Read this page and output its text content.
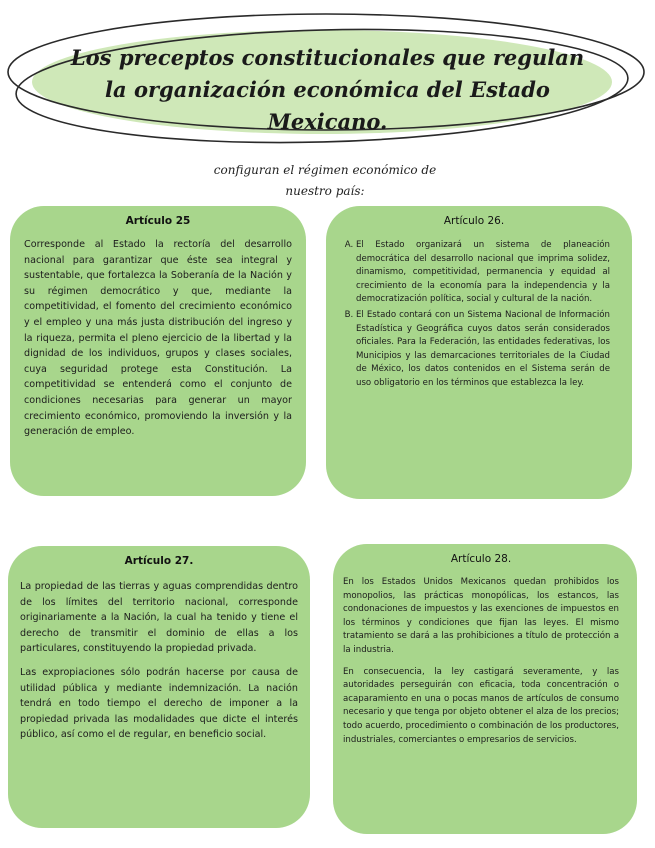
Los preceptos constitucionales que regulan la organización económica del Estado Mexicano.
configuran el régimen económico de nuestro país:
Artículo 25

Corresponde al Estado la rectoría del desarrollo nacional para garantizar que éste sea integral y sustentable, que fortalezca la Soberanía de la Nación y su régimen democrático y que, mediante la competitividad, el fomento del crecimiento económico y el empleo y una más justa distribución del ingreso y la riqueza, permita el pleno ejercicio de la libertad y la dignidad de los individuos, grupos y clases sociales, cuya seguridad protege esta Constitución. La competitividad se entenderá como el conjunto de condiciones necesarias para generar un mayor crecimiento económico, promoviendo la inversión y la generación de empleo.

Artículo 26.
A. El Estado organizará un sistema de planeación democrática del desarrollo nacional que imprima solidez, dinamismo, competitividad, permanencia y equidad al crecimiento de la economía para la independencia y la democratización política, social y cultural de la nación.
B. El Estado contará con un Sistema Nacional de Información Estadística y Geográfica cuyos datos serán considerados oficiales. Para la Federación, las entidades federativas, los Municipios y las demarcaciones territoriales de la Ciudad de México, los datos contenidos en el Sistema serán de uso obligatorio en los términos que establezca la ley.
Artículo 27.

La propiedad de las tierras y aguas comprendidas dentro de los límites del territorio nacional, corresponde originariamente a la Nación, la cual ha tenido y tiene el derecho de transmitir el dominio de ellas a los particulares, constituyendo la propiedad privada.

Las expropiaciones sólo podrán hacerse por causa de utilidad pública y mediante indemnización. La nación tendrá en todo tiempo el derecho de imponer a la propiedad privada las modalidades que dicte el interés público, así como el de regular, en beneficio social.

Artículo 28.

En los Estados Unidos Mexicanos quedan prohibidos los monopolios, las prácticas monopólicas, los estancos, las condonaciones de impuestos y las exenciones de impuestos en los términos y condiciones que fijan las leyes. El mismo tratamiento se dará a las prohibiciones a título de protección a la industria.

En consecuencia, la ley castigará severamente, y las autoridades perseguirán con eficacia, toda concentración o acaparamiento en una o pocas manos de artículos de consumo necesario y que tenga por objeto obtener el alza de los precios; todo acuerdo, procedimiento o combinación de los productores, industriales, comerciantes o empresarios de servicios.
